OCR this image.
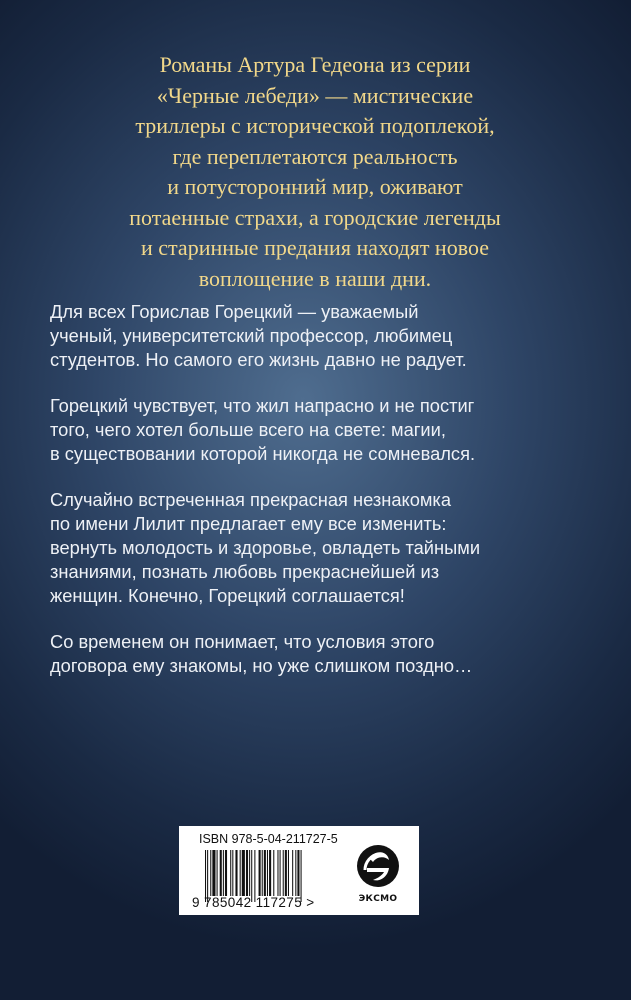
Романы Артура Гедеона из серии
«Черные лебеди» — мистические
триллеры с исторической подоплекой,
где переплетаются реальность
и потусторонний мир, оживают
потаенные страхи, а городские легенды
и старинные предания находят новое
воплощение в наши дни.
Для всех Горислав Горецкий — уважаемый
ученый, университетский профессор, любимец
студентов. Но самого его жизнь давно не радует.
Горецкий чувствует, что жил напрасно и не постиг
того, чего хотел больше всего на свете: магии,
в существовании которой никогда не сомневался.
Случайно встреченная прекрасная незнакомка
по имени Лилит предлагает ему все изменить:
вернуть молодость и здоровье, овладеть тайными
знаниями, познать любовь прекраснейшей из
женщин. Конечно, Горецкий соглашается!
Со временем он понимает, что условия этого
договора ему знакомы, но уже слишком поздно…
ISBN 978-5-04-211727-5
9 785042 117275 >	ЭКСМО
